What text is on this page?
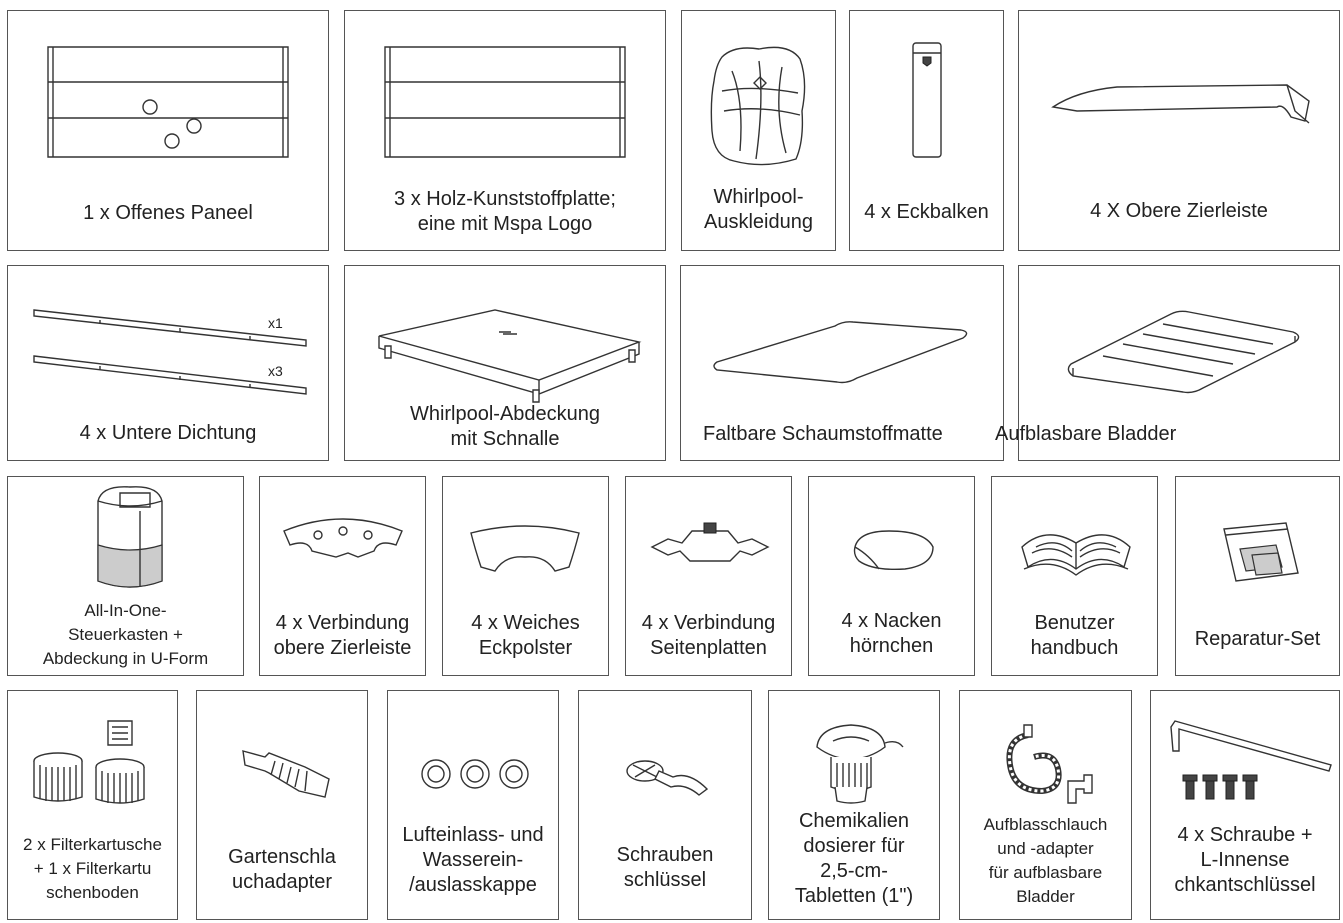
1 x Offenes Paneel
3 x Holz-Kunststoffplatte;
eine mit Mspa Logo
Whirlpool-
Auskleidung	4 x Eckbalken	4 X Obere Zierleiste
x1
x3
4 x Untere Dichtung
Whirlpool-Abdeckung
mit Schnalle	Faltbare Schaumstoffmatte	Aufblasbare Bladder
All-In-One-
Steuerkasten +
Abdeckung in U-Form
4 x Verbindung
obere Zierleiste
4 x Weiches
Eckpolster
4 x Verbindung
Seitenplatten
4 x Nacken
hörnchen
Benutzer
handbuch	Reparatur-Set
2 x Filterkartusche
+ 1 x Filterkartu
schenboden
Gartenschla
uchadapter
Lufteinlass- und
Wasserein-
/auslasskappe
Schrauben
schlüssel
Chemikalien
dosierer für
2,5-cm-
Tabletten (1")
Aufblasschlauch
und -adapter
für aufblasbare
Bladder
4 x Schraube +
L-Innense
chkantschlüssel
